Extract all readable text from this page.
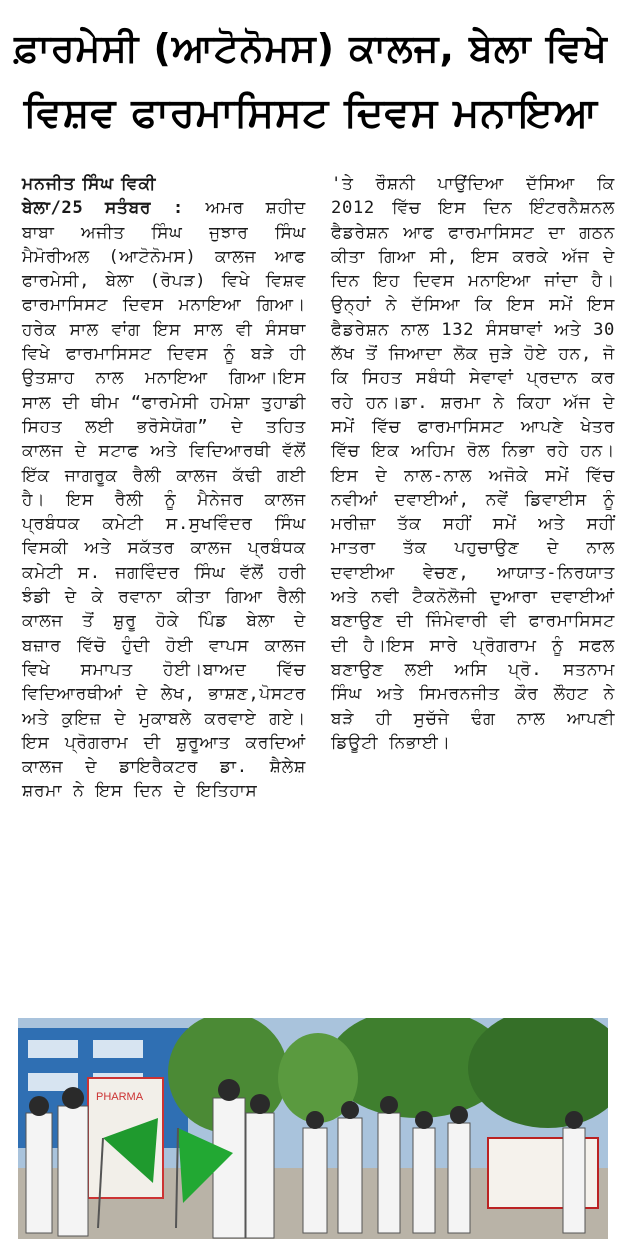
ਫ਼ਾਰਮੇਸੀ (ਆਟੋਨੋਮਸ) ਕਾਲਜ, ਬੇਲਾ ਵਿਖੇ
ਵਿਸ਼ਵ ਫਾਰਮਾਸਿਸਟ ਦਿਵਸ ਮਨਾਇਆ
ਮਨਜੀਤ ਸਿੰਘ ਵਿਕੀ
ਬੇਲਾ/25 ਸਤੰਬਰ : ਅਮਰ ਸ਼ਹੀਦ ਬਾਬਾ ਅਜੀਤ ਸਿੰਘ ਜੁਝਾਰ ਸਿੰਘ ਮੈਮੋਰੀਅਲ (ਆਟੋਨੋਮਸ) ਕਾਲਜ ਆਫ ਫਾਰਮੇਸੀ, ਬੇਲਾ (ਰੋਪੜ) ਵਿਖੇ ਵਿਸ਼ਵ ਫਾਰਮਾਸਿਸਟ ਦਿਵਸ ਮਨਾਇਆ ਗਿਆ। ਹਰੇਕ ਸਾਲ ਵਾਂਗ ਇਸ ਸਾਲ ਵੀ ਸੰਸਥਾ ਵਿਖੇ ਫਾਰਮਾਸਿਸਟ ਦਿਵਸ ਨੂੰ ਬੜੇ ਹੀ ਉਤਸ਼ਾਹ ਨਾਲ ਮਨਾਇਆ ਗਿਆ।ਇਸ ਸਾਲ ਦੀ ਥੀਮ “ਫਾਰਮੇਸੀ ਹਮੇਸ਼ਾ ਤੁਹਾਡੀ ਸਿਹਤ ਲਈ ਭਰੋਸੇਯੋਗ” ਦੇ ਤਹਿਤ ਕਾਲਜ ਦੇ ਸਟਾਫ ਅਤੇ ਵਿਦਿਆਰਥੀ ਵੱਲੋਂ ਇੱਕ ਜਾਗਰੂਕ ਰੈਲੀ ਕਾਲਜ ਕੱਢੀ ਗਈ ਹੈ। ਇਸ ਰੈਲੀ ਨੂੰ ਮੈਨੇਜਰ ਕਾਲਜ ਪ੍ਰਬੰਧਕ ਕਮੇਟੀ ਸ.ਸੁਖਵਿੰਦਰ ਸਿੰਘ ਵਿਸਕੀ ਅਤੇ ਸਕੱਤਰ ਕਾਲਜ ਪ੍ਰਬੰਧਕ ਕਮੇਟੀ ਸ. ਜਗਵਿੰਦਰ ਸਿੰਘ ਵੱਲੋਂ ਹਰੀ ਝੰਡੀ ਦੇ ਕੇ ਰਵਾਨਾ ਕੀਤਾ ਗਿਆ ਰੈਲੀ ਕਾਲਜ ਤੋਂ ਸ਼ੁਰੂ ਹੋਕੇ ਪਿੰਡ ਬੇਲਾ ਦੇ ਬਜ਼ਾਰ ਵਿੱਚੋ ਹੁੰਦੀ ਹੋਈ ਵਾਪਸ ਕਾਲਜ ਵਿਖੇ ਸਮਾਪਤ ਹੋਈ।ਬਾਅਦ ਵਿੱਚ ਵਿਦਿਆਰਥੀਆਂ ਦੇ ਲੇਖ, ਭਾਸ਼ਣ,ਪੋਸਟਰ ਅਤੇ ਕੁਇਜ਼ ਦੇ ਮੁਕਾਬਲੇ ਕਰਵਾਏ ਗਏ। ਇਸ ਪ੍ਰੋਗਰਾਮ ਦੀ ਸ਼ੁਰੂਆਤ ਕਰਦਿਆਂ ਕਾਲਜ ਦੇ ਡਾਇਰੈਕਟਰ ਡਾ. ਸ਼ੈਲੇਸ਼ ਸ਼ਰਮਾ ਨੇ ਇਸ ਦਿਨ ਦੇ ਇਤਿਹਾਸ
'ਤੇ ਰੌਸ਼ਨੀ ਪਾਉਂਦਿਆ ਦੱਸਿਆ ਕਿ 2012 ਵਿੱਚ ਇਸ ਦਿਨ ਇੰਟਰਨੈਸ਼ਨਲ ਫੈਡਰੇਸ਼ਨ ਆਫ ਫਾਰਮਾਸਿਸਟ ਦਾ ਗਠਨ ਕੀਤਾ ਗਿਆ ਸੀ, ਇਸ ਕਰਕੇ ਅੱਜ ਦੇ ਦਿਨ ਇਹ ਦਿਵਸ ਮਨਾਇਆ ਜਾਂਦਾ ਹੈ। ਉਨ੍ਹਾਂ ਨੇ ਦੱਸਿਆ ਕਿ ਇਸ ਸਮੇਂ ਇਸ ਫੈਡਰੇਸ਼ਨ ਨਾਲ 132 ਸੰਸਥਾਵਾਂ ਅਤੇ 30 ਲੱਖ ਤੋਂ ਜਿਆਦਾ ਲੋਕ ਜੁੜੇ ਹੋਏ ਹਨ, ਜੋ ਕਿ ਸਿਹਤ ਸਬੰਧੀ ਸੇਵਾਵਾਂ ਪ੍ਰਦਾਨ ਕਰ ਰਹੇ ਹਨ।ਡਾ. ਸ਼ਰਮਾ ਨੇ ਕਿਹਾ ਅੱਜ ਦੇ ਸਮੇਂ ਵਿੱਚ ਫਾਰਮਾਸਿਸਟ ਆਪਣੇ ਖੇਤਰ ਵਿੱਚ ਇਕ ਅਹਿਮ ਰੋਲ ਨਿਭਾ ਰਹੇ ਹਨ। ਇਸ ਦੇ ਨਾਲ-ਨਾਲ ਅਜੋਕੇ ਸਮੇਂ ਵਿੱਚ ਨਵੀਆਂ ਦਵਾਈਆਂ, ਨਵੇਂ ਡਿਵਾਈਸ ਨੂੰ ਮਰੀਜ਼ਾ ਤੱਕ ਸਹੀਂ ਸਮੇਂ ਅਤੇ ਸਹੀਂ ਮਾਤਰਾ ਤੱਕ ਪਹੁਚਾਉਣ ਦੇ ਨਾਲ ਦਵਾਈਆ ਵੇਚਣ, ਆਯਾਤ-ਨਿਰਯਾਤ ਅਤੇ ਨਵੀ ਟੈਕਨੋਲੋਜੀ ਦੁਆਰਾ ਦਵਾਈਆਂ ਬਣਾਉਣ ਦੀ ਜਿੰਮੇਵਾਰੀ ਵੀ ਫਾਰਮਾਸਿਸਟ ਦੀ ਹੈ।ਇਸ ਸਾਰੇ ਪ੍ਰੋਗਰਾਮ ਨੂੰ ਸਫਲ ਬਣਾਉਣ ਲਈ ਅਸਿ ਪ੍ਰੋ. ਸਤਨਾਮ ਸਿੰਘ ਅਤੇ ਸਿਮਰਨਜੀਤ ਕੌਰ ਲੌਹਟ ਨੇ ਬੜੇ ਹੀ ਸੁਚੱਜੇ ਢੰਗ ਨਾਲ ਆਪਣੀ ਡਿਊਟੀ ਨਿਭਾਈ।
PHARMA
